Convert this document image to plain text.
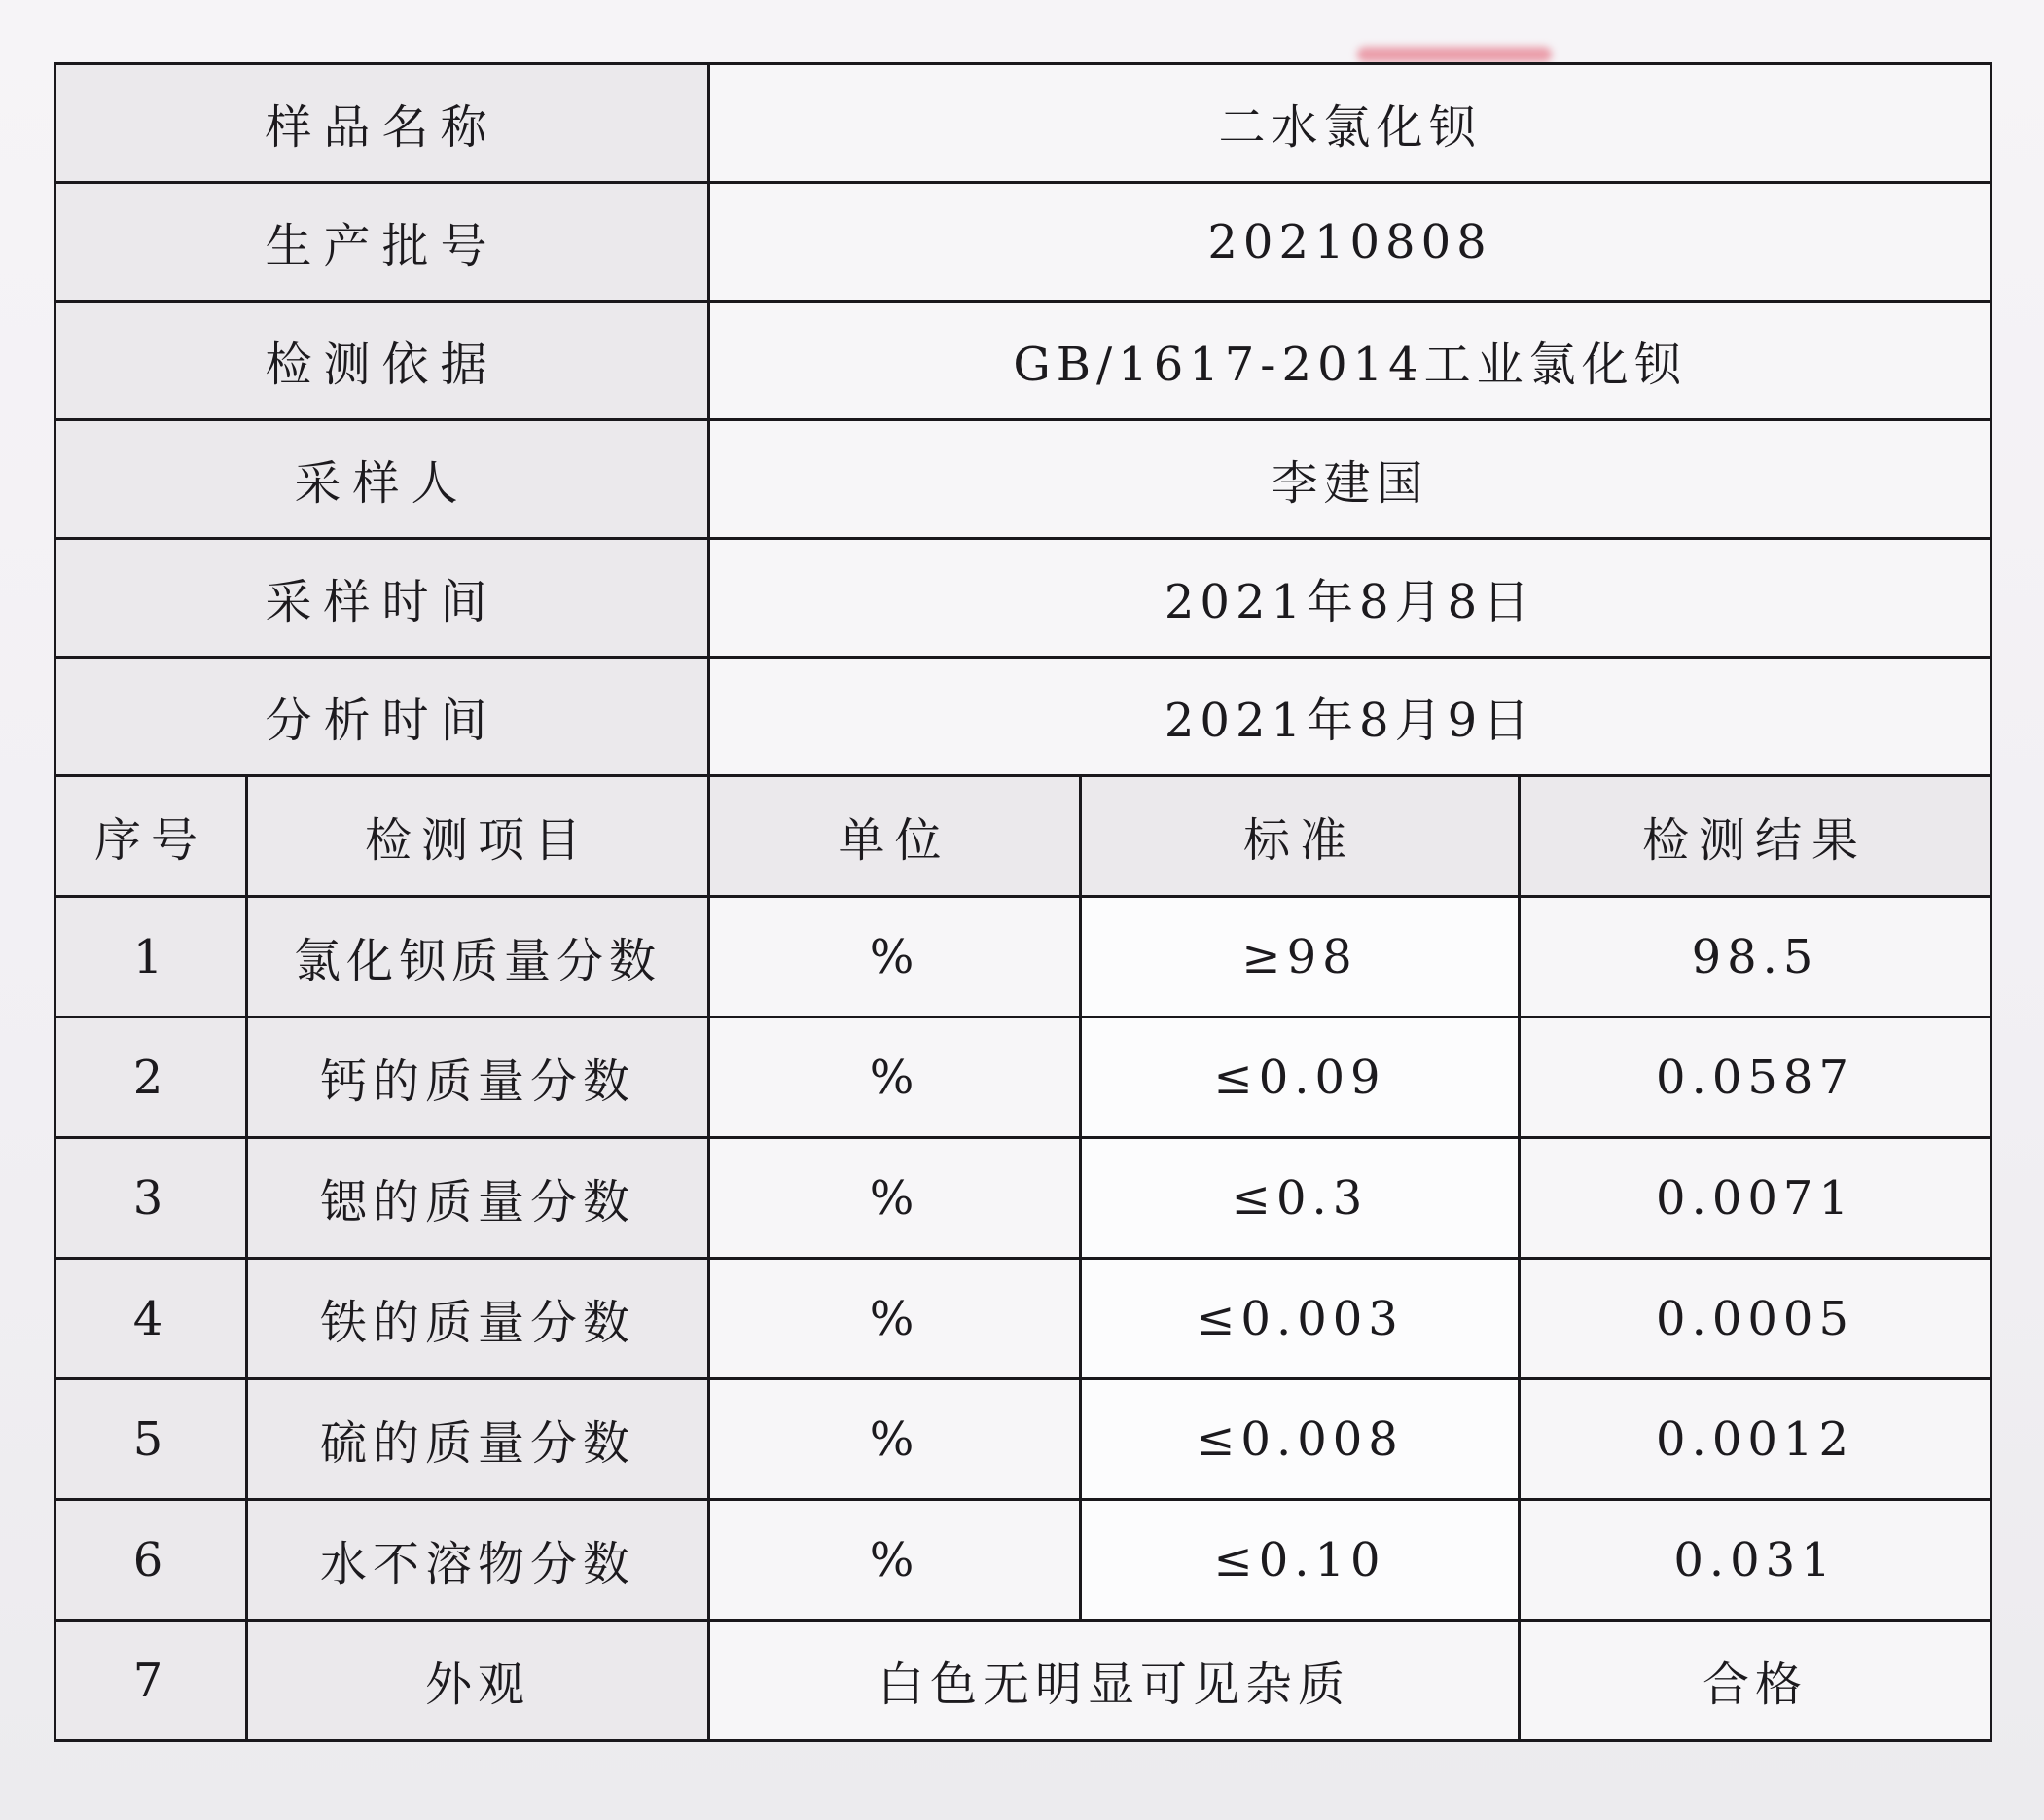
样品名称		二水氯化钡		
生产批号		20210808		
检测依据		GB/1617-2014工业氯化钡		
采样人		李建国		
采样时间		2021年8月8日		
分析时间		2021年8月9日		
序号	检测项目	单位	标准	检测结果
1	氯化钡质量分数	%	≥98	98.5
2	钙的质量分数	%	≤0.09	0.0587
3	锶的质量分数	%	≤0.3	0.0071
4	铁的质量分数	%	≤0.003	0.0005
5	硫的质量分数	%	≤0.008	0.0012
6	水不溶物分数	%	≤0.10	0.031
7	外观	白色无明显可见杂质		合格
